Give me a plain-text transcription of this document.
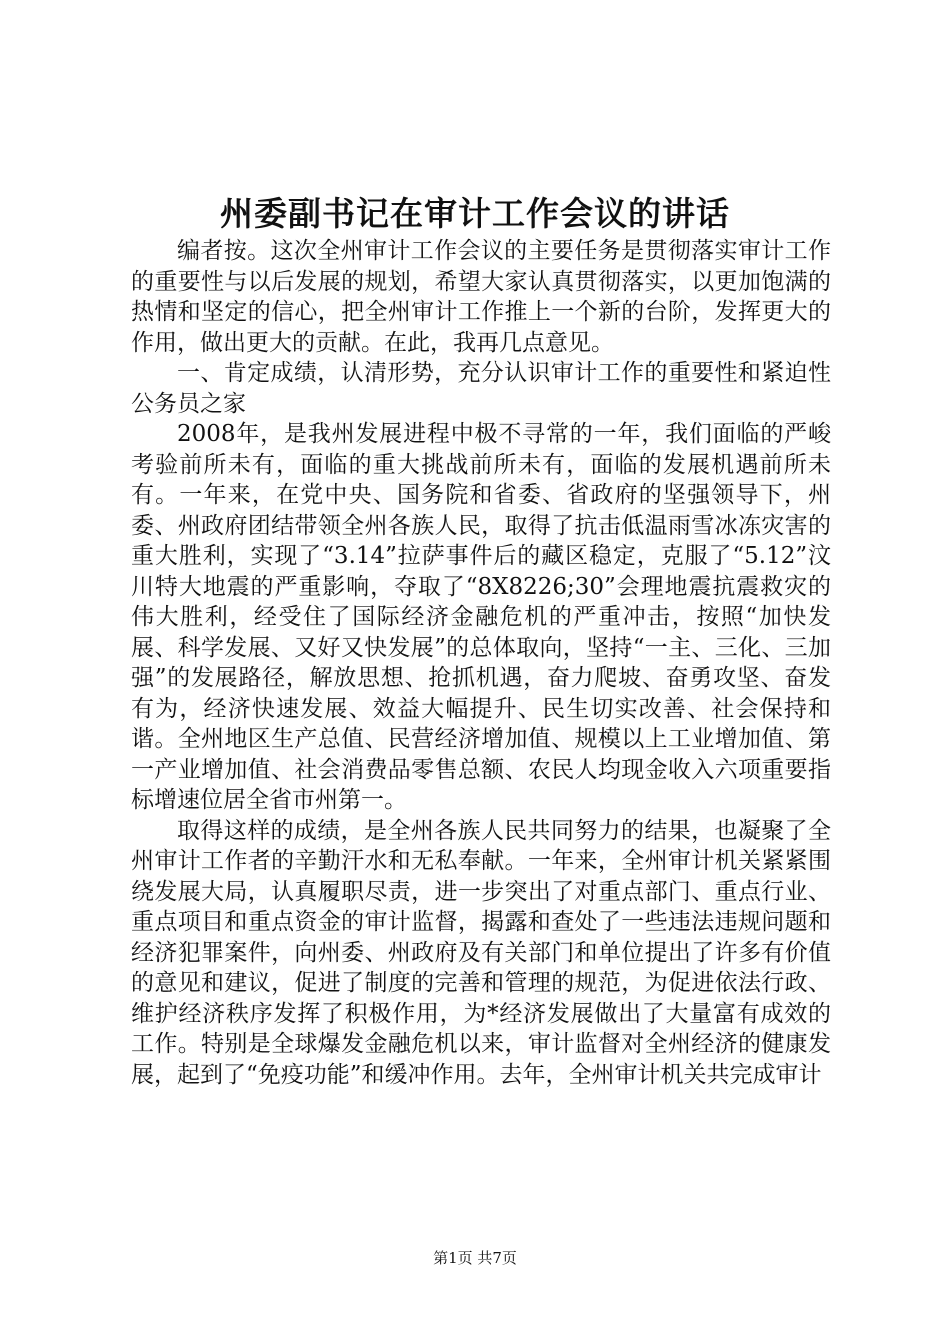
州委副书记在审计工作会议的讲话

编者按。这次全州审计工作会议的主要任务是贯彻落实审计工作的重要性与以后发展的规划，希望大家认真贯彻落实，以更加饱满的热情和坚定的信心，把全州审计工作推上一个新的台阶，发挥更大的作用，做出更大的贡献。在此，我再几点意见。

一、肯定成绩，认清形势，充分认识审计工作的重要性和紧迫性公务员之家

2008年，是我州发展进程中极不寻常的一年，我们面临的严峻考验前所未有，面临的重大挑战前所未有，面临的发展机遇前所未有。一年来，在党中央、国务院和省委、省政府的坚强领导下，州委、州政府团结带领全州各族人民，取得了抗击低温雨雪冰冻灾害的重大胜利，实现了“3.14”拉萨事件后的藏区稳定，克服了“5.12”汶川特大地震的严重影响，夺取了“8X8226;30”会理地震抗震救灾的伟大胜利，经受住了国际经济金融危机的严重冲击，按照“加快发展、科学发展、又好又快发展”的总体取向，坚持“一主、三化、三加强”的发展路径，解放思想、抢抓机遇，奋力爬坡、奋勇攻坚、奋发有为，经济快速发展、效益大幅提升、民生切实改善、社会保持和谐。全州地区生产总值、民营经济增加值、规模以上工业增加值、第一产业增加值、社会消费品零售总额、农民人均现金收入六项重要指标增速位居全省市州第一。

取得这样的成绩，是全州各族人民共同努力的结果，也凝聚了全州审计工作者的辛勤汗水和无私奉献。一年来，全州审计机关紧紧围绕发展大局，认真履职尽责，进一步突出了对重点部门、重点行业、重点项目和重点资金的审计监督，揭露和查处了一些违法违规问题和经济犯罪案件，向州委、州政府及有关部门和单位提出了许多有价值的意见和建议，促进了制度的完善和管理的规范，为促进依法行政、维护经济秩序发挥了积极作用，为*经济发展做出了大量富有成效的工作。特别是全球爆发金融危机以来，审计监督对全州经济的健康发展，起到了“免疫功能”和缓冲作用。去年，全州审计机关共完成审计

第1页 共7页
